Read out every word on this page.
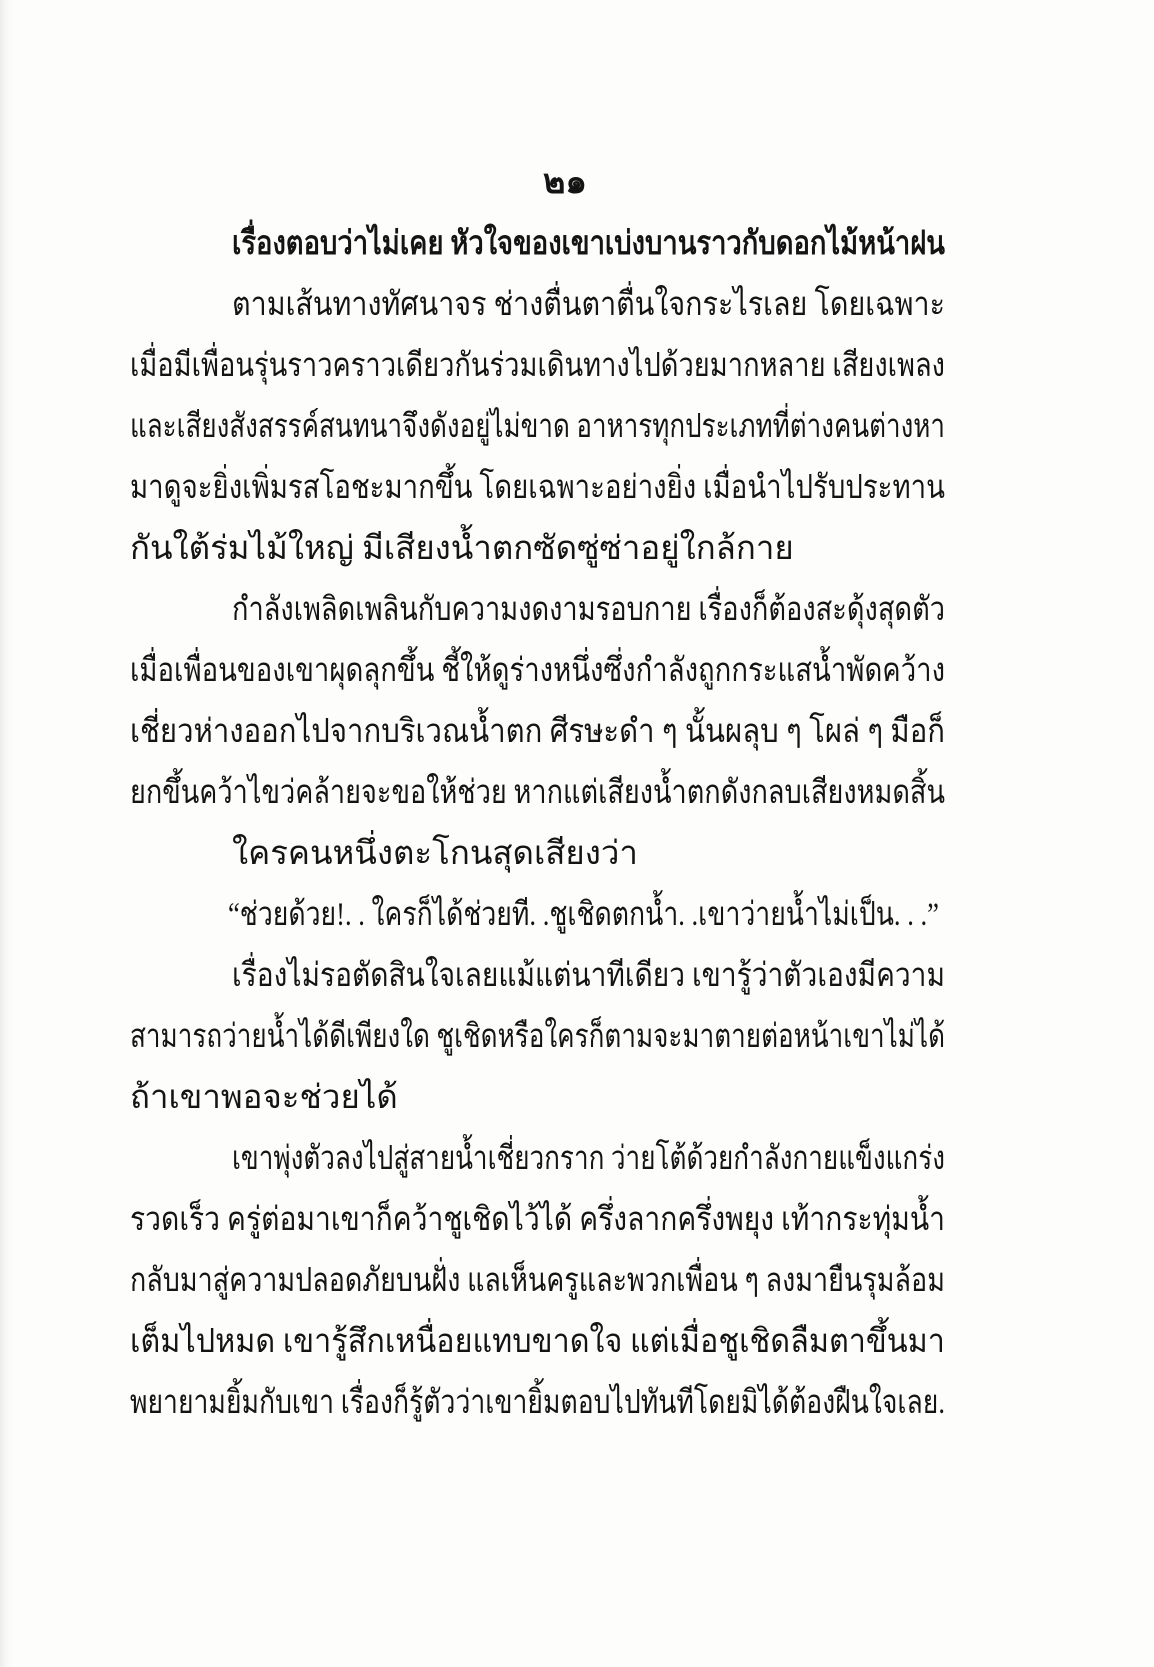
๒๑
เรื่องตอบว่าไม่เคย หัวใจของเขาเบ่งบานราวกับดอกไม้หน้าฝน
ตามเส้นทางทัศนาจร ช่างตื่นตาตื่นใจกระไรเลย โดยเฉพาะ
เมื่อมีเพื่อนรุ่นราวคราวเดียวกันร่วมเดินทางไปด้วยมากหลาย เสียงเพลง
และเสียงสังสรรค์สนทนาจึงดังอยู่ไม่ขาด อาหารทุกประเภทที่ต่างคนต่างหา
มาดูจะยิ่งเพิ่มรสโอชะมากขึ้น โดยเฉพาะอย่างยิ่ง เมื่อนำไปรับประทาน
กันใต้ร่มไม้ใหญ่ มีเสียงน้ำตกซัดซู่ซ่าอยู่ใกล้กาย
กำลังเพลิดเพลินกับความงดงามรอบกาย เรื่องก็ต้องสะดุ้งสุดตัว
เมื่อเพื่อนของเขาผุดลุกขึ้น ชี้ให้ดูร่างหนึ่งซึ่งกำลังถูกกระแสน้ำพัดคว้าง
เชี่ยวห่างออกไปจากบริเวณน้ำตก ศีรษะดำ ๆ นั้นผลุบ ๆ โผล่ ๆ มือก็
ยกขึ้นคว้าไขว่คล้ายจะขอให้ช่วย หากแต่เสียงน้ำตกดังกลบเสียงหมดสิ้น
ใครคนหนึ่งตะโกนสุดเสียงว่า
“ช่วยด้วย!. . ใครก็ได้ช่วยที. .ชูเชิดตกน้ำ. .เขาว่ายน้ำไม่เป็น. . .”
เรื่องไม่รอตัดสินใจเลยแม้แต่นาทีเดียว เขารู้ว่าตัวเองมีความ
สามารถว่ายน้ำได้ดีเพียงใด ชูเชิดหรือใครก็ตามจะมาตายต่อหน้าเขาไม่ได้
ถ้าเขาพอจะช่วยได้
เขาพุ่งตัวลงไปสู่สายน้ำเชี่ยวกราก ว่ายโต้ด้วยกำลังกายแข็งแกร่ง
รวดเร็ว ครู่ต่อมาเขาก็คว้าชูเชิดไว้ได้ ครึ่งลากครึ่งพยุง เท้ากระทุ่มน้ำ
กลับมาสู่ความปลอดภัยบนฝั่ง แลเห็นครูและพวกเพื่อน ๆ ลงมายืนรุมล้อม
เต็มไปหมด เขารู้สึกเหนื่อยแทบขาดใจ แต่เมื่อชูเชิดลืมตาขึ้นมา
พยายามยิ้มกับเขา เรื่องก็รู้ตัวว่าเขายิ้มตอบไปทันทีโดยมิได้ต้องฝืนใจเลย.
